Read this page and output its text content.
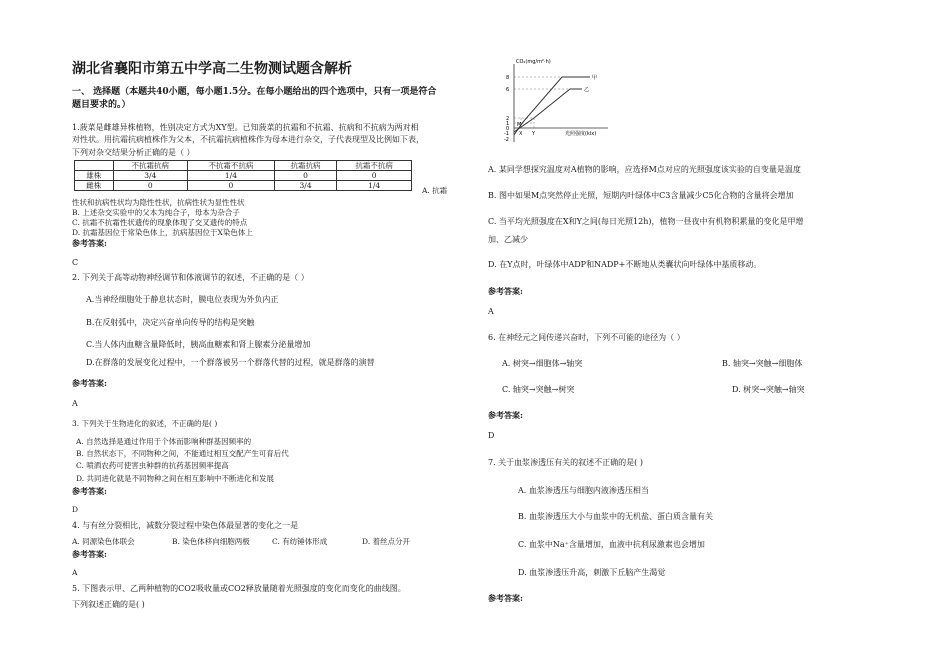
湖北省襄阳市第五中学高二生物测试题含解析
一、 选择题（本题共40小题，每小题1.5分。在每小题给出的四个选项中，只有一项是符合
题目要求的。）
1.菠菜是雌雄异株植物，性别决定方式为XY型。已知菠菜的抗霜和不抗霜、抗病和不抗病为两对相
对性状。用抗霜抗病植株作为父本，不抗霜抗病植株作为母本进行杂交，子代表现型及比例如下表，
下列对杂交结果分析正确的是（ ）
	不抗霜抗病	不抗霜不抗病	抗霜抗病	抗霜不抗病
雄株	3/4	1/4	0	0
雌株	0	0	3/4	1/4
A. 抗霜
性状和抗病性状均为隐性性状，抗病性状为显性性状
B. 上述杂交实验中的父本为纯合子，母本为杂合子
C. 抗霜不抗霜性状遗传的现象体现了交叉遗传的特点
D. 抗霜基因位于常染色体上，抗病基因位于X染色体上
参考答案:
C
2. 下列关于高等动物神经调节和体液调节的叙述，不正确的是（ ）
A.当神经细胞处于静息状态时，膜电位表现为外负内正
B.在反射弧中，决定兴奋单向传导的结构是突触
C.当人体内血糖含量降低时，胰高血糖素和肾上腺素分泌量增加
D.在群落的发展变化过程中，一个群落被另一个群落代替的过程，就是群落的演替
参考答案:
A
3. 下列关于生物进化的叙述，不正确的是( )
A. 自然选择是通过作用于个体而影响种群基因频率的
B. 自然状态下，不同物种之间，不能通过相互交配产生可育后代
C. 喷洒农药可使害虫种群的抗药基因频率提高
D. 共同进化就是不同物种之间在相互影响中不断进化和发展
参考答案:
D
4. 与有丝分裂相比，减数分裂过程中染色体最显著的变化之一是
A. 同源染色体联会	B. 染色体移向细胞两极	C. 有纺锤体形成	D. 着丝点分开
参考答案:
A
5. 下图表示甲、乙两种植物的CO2吸收量或CO2释放量随着光照强度的变化而变化的曲线图。
下列叙述正确的是( )
CO₂(mg/m²·h)
8
6
2
1
0
-1
-2
X Y	光照强度(klx)
甲
乙
M
A. 某同学想探究温度对A植物的影响，应选择M点对应的光照强度该实验的自变量是温度
B. 图中如果M点突然停止光照，短期内叶绿体中C3含量减少C5化合物的含量将会增加
C. 当平均光照强度在X和Y之间(每日光照12h)，植物一昼夜中有机物积累量的变化是甲增
加、乙减少
D. 在Y点时，叶绿体中ADP和NADP+不断地从类囊状向叶绿体中基质移动。
参考答案:
A
6. 在神经元之间传递兴奋时，下列不可能的途径为（ ）
A. 树突→细胞体→轴突	B. 轴突→突触→细胞体
C. 轴突→突触→树突	D. 树突→突触→轴突
参考答案:
D
7. 关于血浆渗透压有关的叙述不正确的是( )
A. 血浆渗透压与细胞内液渗透压相当
B. 血浆渗透压大小与血浆中的无机盐、蛋白质含量有关
C. 血浆中Na⁺含量增加，血液中抗利尿激素也会增加
D. 血浆渗透压升高，刺激下丘脑产生渴觉
参考答案:
